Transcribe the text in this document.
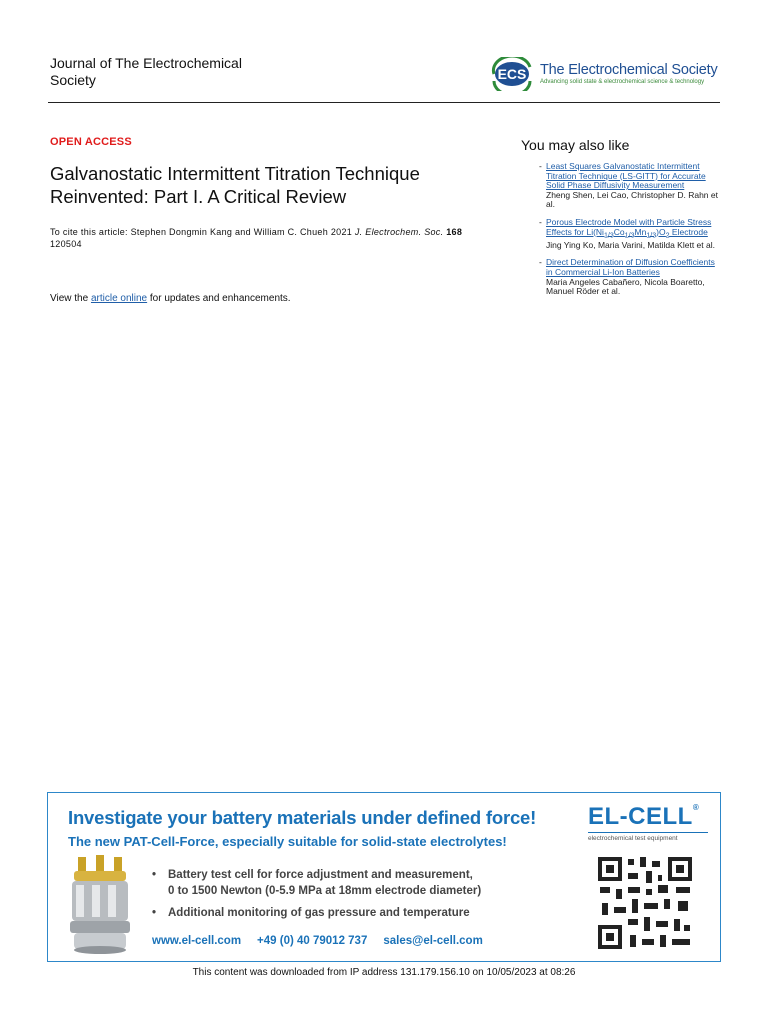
Journal of The Electrochemical Society	ECS The Electrochemical Society
Advancing solid state & electrochemical science & technology
OPEN ACCESS
Galvanostatic Intermittent Titration Technique Reinvented: Part I. A Critical Review
To cite this article: Stephen Dongmin Kang and William C. Chueh 2021 J. Electrochem. Soc. 168
120504
View the article online for updates and enhancements.
You may also like
- Least Squares Galvanostatic Intermittent Titration Technique (LS-GITT) for Accurate Solid Phase Diffusivity Measurement
Zheng Shen, Lei Cao, Christopher D. Rahn et al.
- Porous Electrode Model with Particle Stress Effects for $Li(Ni_{1/3}Co_{1/3}Mn_{1/3})O_2$ Electrode
Jing Ying Ko, Maria Varini, Matilda Klett et al.
- Direct Determination of Diffusion Coefficients in Commercial Li-Ion Batteries
Maria Angeles Cabañero, Nicola Boaretto, Manuel Röder et al.
Investigate your battery materials under defined force!
The new PAT-Cell-Force, especially suitable for solid-state electrolytes!
EL-CELL®
electrochemical test equipment
• Battery test cell for force adjustment and measurement,
0 to 1500 Newton (0-5.9 MPa at 18mm electrode diameter)
• Additional monitoring of gas pressure and temperature
www.el-cell.com +49 (0) 40 79012 737 sales@el-cell.com
This content was downloaded from IP address 131.179.156.10 on 10/05/2023 at 08:26
